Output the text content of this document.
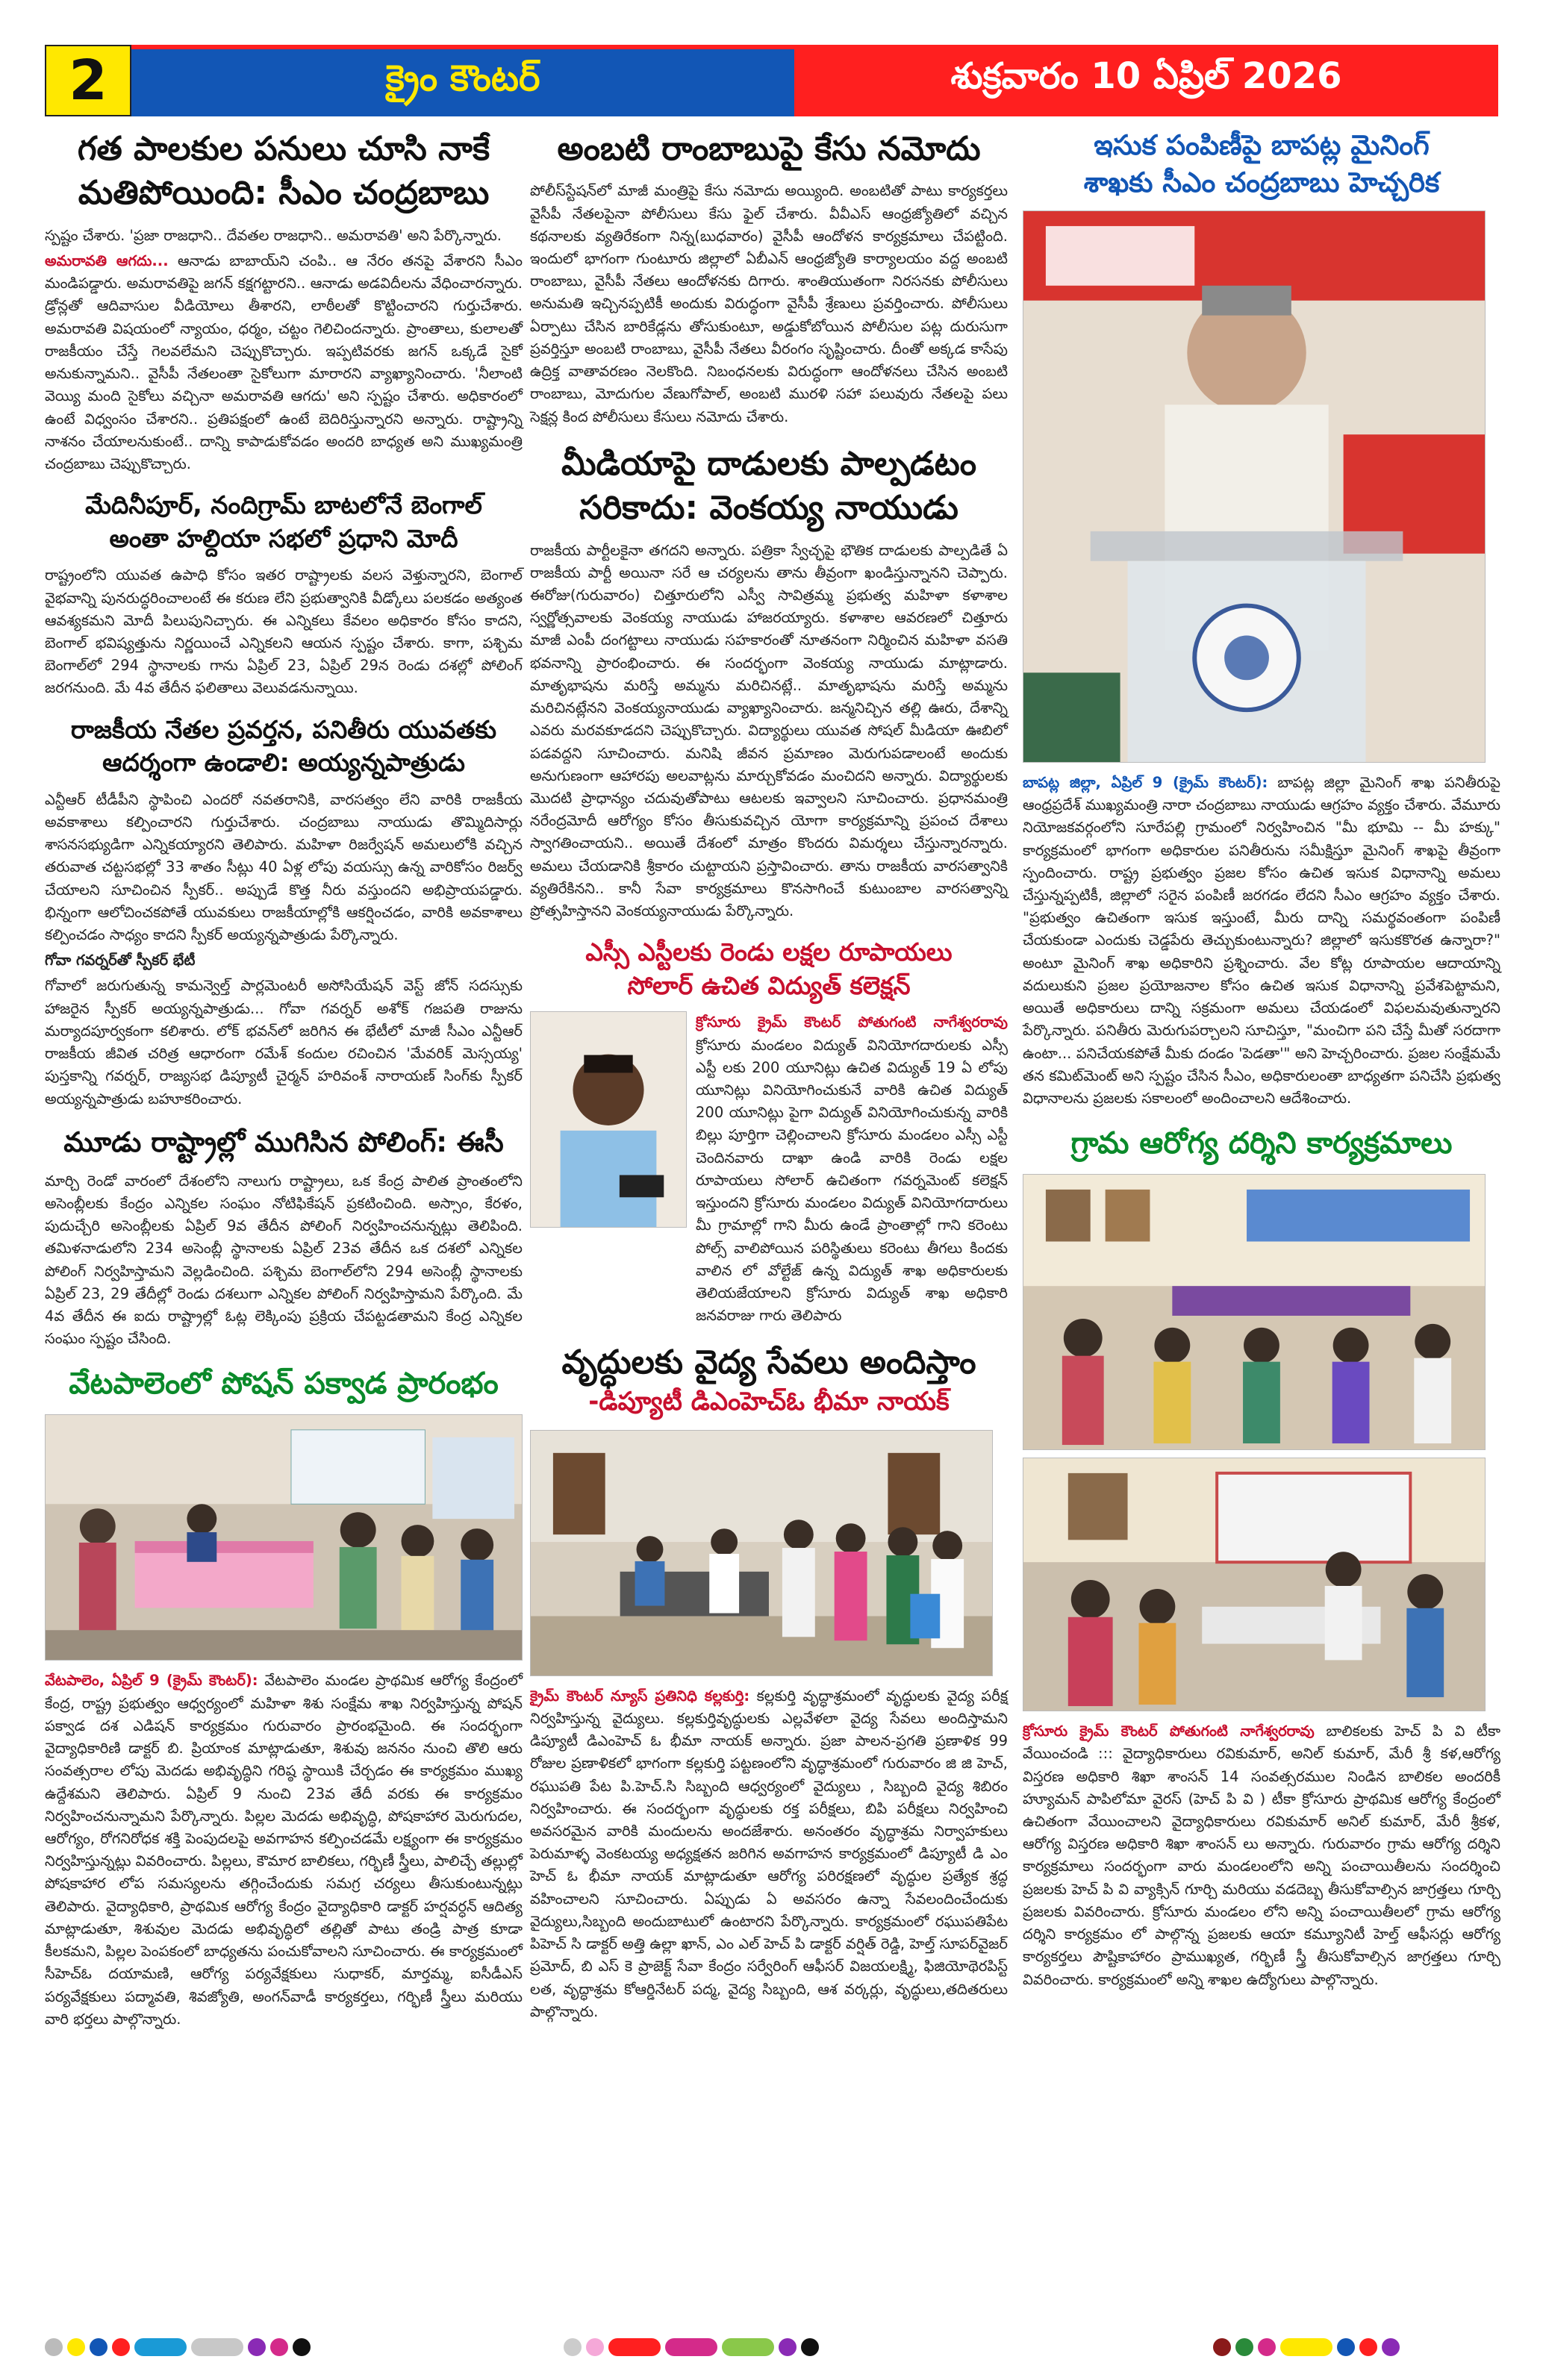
2	క్రైం కౌంటర్	శుక్రవారం 10 ఏప్రిల్ 2026
గత పాలకుల పనులు చూసి నాకే
మతిపోయింది: సీఎం చంద్రబాబు

స్పష్టం చేశారు. 'ప్రజా రాజధాని.. దేవతల రాజధాని.. అమరావతి' అని పేర్కొన్నారు.

అమరావతి ఆగదు... ఆనాడు బాబాయ్‌ని చంపి.. ఆ నేరం తనపై వేశారని సీఎం మండిపడ్డారు. అమరావతిపై జగన్ కక్షగట్టారని.. ఆనాడు అడవిదీలను వేధించారన్నారు. డ్రోన్లతో ఆదివాసుల వీడియోలు తీశారని, లాఠీలతో కొట్టించారని గుర్తుచేశారు. అమరావతి విషయంలో న్యాయం, ధర్మం, చట్టం గెలిచిందన్నారు. ప్రాంతాలు, కులాలతో రాజకీయం చేస్తే గెలవలేమని చెప్పుకొచ్చారు. ఇప్పటివరకు జగన్ ఒక్కడే సైకో అనుకున్నామని.. వైసీపీ నేతలంతా సైకోలుగా మారారని వ్యాఖ్యానించారు. 'నీలాంటి వెయ్యి మంది సైకోలు వచ్చినా అమరావతి ఆగదు' అని స్పష్టం చేశారు. అధికారంలో ఉంటే విధ్వంసం చేశారని.. ప్రతిపక్షంలో ఉంటే బెదిరిస్తున్నారని అన్నారు. రాష్ట్రాన్ని నాశనం చేయాలనుకుంటే.. దాన్ని కాపాడుకోవడం అందరి బాధ్యత అని ముఖ్యమంత్రి చంద్రబాబు చెప్పుకొచ్చారు.

మేదినీపూర్, నందిగ్రామ్ బాటలోనే బెంగాల్
అంతా హల్దియా సభలో ప్రధాని మోదీ
రాష్ట్రంలోని యువత ఉపాధి కోసం ఇతర రాష్ట్రాలకు వలస వెళ్తున్నారని, బెంగాల్ వైభవాన్ని పునరుద్ధరించాలంటే ఈ కరుణ లేని ప్రభుత్వానికి వీడ్కోలు పలకడం అత్యంత ఆవశ్యకమని మోదీ పిలుపునిచ్చారు. ఈ ఎన్నికలు కేవలం అధికారం కోసం కాదని, బెంగాల్ భవిష్యత్తును నిర్ణయించే ఎన్నికలని ఆయన స్పష్టం చేశారు. కాగా, పశ్చిమ బెంగాల్‌లో 294 స్థానాలకు గాను ఏప్రిల్ 23, ఏప్రిల్ 29న రెండు దశల్లో పోలింగ్ జరగనుంది. మే 4వ తేదీన ఫలితాలు వెలువడనున్నాయి.
రాజకీయ నేతల ప్రవర్తన, పనితీరు యువతకు
ఆదర్శంగా ఉండాలి: అయ్యన్నపాత్రుడు

ఎన్టీఆర్ టీడీపీని స్థాపించి ఎందరో నవతరానికి, వారసత్వం లేని వారికి రాజకీయ అవకాశాలు కల్పించారని గుర్తుచేశారు. చంద్రబాబు నాయుడు తొమ్మిదిసార్లు శాసనసభ్యుడిగా ఎన్నికయ్యారని తెలిపారు. మహిళా రిజర్వేషన్ అమలులోకి వచ్చిన తరువాత చట్టసభల్లో 33 శాతం సీట్లు 40 ఏళ్ల లోపు వయస్సు ఉన్న వారికోసం రిజర్వ్ చేయాలని సూచించిన స్పీకర్.. అప్పుడే కొత్త నీరు వస్తుందని అభిప్రాయపడ్డారు. భిన్నంగా ఆలోచించకపోతే యువకులు రాజకీయాల్లోకి ఆకర్షించడం, వారికి అవకాశాలు కల్పించడం సాధ్యం కాదని స్పీకర్ అయ్యన్నపాత్రుడు పేర్కొన్నారు.

గోవా గవర్నర్‌తో స్పీకర్ భేటీ

గోవాలో జరుగుతున్న కామన్వెల్త్ పార్లమెంటరీ అసోసియేషన్ వెస్ట్ జోన్ సదస్సుకు హాజరైన స్పీకర్ అయ్యన్నపాత్రుడు... గోవా గవర్నర్ అశోక్ గజపతి రాజును మర్యాదపూర్వకంగా కలిశారు. లోక్ భవన్‌లో జరిగిన ఈ భేటీలో మాజీ సీఎం ఎన్టీఆర్ రాజకీయ జీవిత చరిత్ర ఆధారంగా రమేశ్ కందుల రచించిన 'మేవరిక్ మెస్సయ్య' పుస్తకాన్ని గవర్నర్, రాజ్యసభ డిప్యూటీ చైర్మన్ హరివంశ్ నారాయణ్ సింగ్‌కు స్పీకర్ అయ్యన్నపాత్రుడు బహూకరించారు.

మూడు రాష్ట్రాల్లో ముగిసిన పోలింగ్: ఈసీ
మార్చి రెండో వారంలో దేశంలోని నాలుగు రాష్ట్రాలు, ఒక కేంద్ర పాలిత ప్రాంతంలోని అసెంబ్లీలకు కేంద్రం ఎన్నికల సంఘం నోటిఫికేషన్ ప్రకటించింది. అస్సాం, కేరళం, పుదుచ్చేరి అసెంబ్లీలకు ఏప్రిల్ 9వ తేదీన పోలింగ్ నిర్వహించనున్నట్లు తెలిపింది. తమిళనాడులోని 234 అసెంబ్లీ స్థానాలకు ఏప్రిల్ 23వ తేదీన ఒక దశలో ఎన్నికల పోలింగ్ నిర్వహిస్తామని వెల్లడించింది. పశ్చిమ బెంగాల్‌లోని 294 అసెంబ్లీ స్థానాలకు ఏప్రిల్ 23, 29 తేదీల్లో రెండు దశలుగా ఎన్నికల పోలింగ్ నిర్వహిస్తామని పేర్కొంది. మే 4వ తేదీన ఈ ఐదు రాష్ట్రాల్లో ఓట్ల లెక్కింపు ప్రక్రియ చేపట్టడతామని కేంద్ర ఎన్నికల సంఘం స్పష్టం చేసింది.
వేటపాలెంలో పోషన్ పక్వాడ ప్రారంభం
వేటపాలెం, ఏప్రిల్ 9 (క్రైమ్ కౌంటర్): వేటపాలెం మండల ప్రాథమిక ఆరోగ్య కేంద్రంలో కేంద్ర, రాష్ట్ర ప్రభుత్వం ఆధ్వర్యంలో మహిళా శిశు సంక్షేమ శాఖ నిర్వహిస్తున్న పోషన్ పక్వాడ దశ ఎడిషన్ కార్యక్రమం గురువారం ప్రారంభమైంది. ఈ సందర్భంగా వైద్యాధికారిణి డాక్టర్ బి. ప్రియాంక మాట్లాడుతూ, శిశువు జననం నుంచి తొలి ఆరు సంవత్సరాల లోపు మెదడు అభివృద్ధిని గరిష్ఠ స్థాయికి చేర్చడం ఈ కార్యక్రమం ముఖ్య ఉద్దేశమని తెలిపారు. ఏప్రిల్ 9 నుంచి 23వ తేదీ వరకు ఈ కార్యక్రమం నిర్వహించనున్నామని పేర్కొన్నారు. పిల్లల మెదడు అభివృద్ధి, పోషకాహార మెరుగుదల, ఆరోగ్యం, రోగనిరోధక శక్తి పెంపుదలపై అవగాహన కల్పించడమే లక్ష్యంగా ఈ కార్యక్రమం నిర్వహిస్తున్నట్లు వివరించారు. పిల్లలు, కౌమార బాలికలు, గర్భిణీ స్త్రీలు, పాలిచ్చే తల్లుల్లో పోషకాహార లోప సమస్యలను తగ్గించేందుకు సమగ్ర చర్యలు తీసుకుంటున్నట్లు తెలిపారు. వైద్యాధికారి, ప్రాథమిక ఆరోగ్య కేంద్రం వైద్యాధికారి డాక్టర్ హర్షవర్ధన్ ఆదిత్య మాట్లాడుతూ, శిశువుల మెదడు అభివృద్ధిలో తల్లితో పాటు తండ్రి పాత్ర కూడా కీలకమని, పిల్లల పెంపకంలో బాధ్యతను పంచుకోవాలని సూచించారు. ఈ కార్యక్రమంలో సీహెచ్ఓ దయామణి, ఆరోగ్య పర్యవేక్షకులు సుధాకర్, మార్తమ్మ, ఐసీడీఎస్ పర్యవేక్షకులు పద్మావతి, శివజ్యోతి, అంగన్‌వాడీ కార్యకర్తలు, గర్భిణీ స్త్రీలు మరియు వారి భర్తలు పాల్గొన్నారు.
అంబటి రాంబాబుపై కేసు నమోదు
పోలీస్‌స్టేషన్‌లో మాజీ మంత్రిపై కేసు నమోదు అయ్యింది. అంబటితో పాటు కార్యకర్తలు వైసీపీ నేతలపైనా పోలీసులు కేసు ఫైల్ చేశారు. వీవీఎస్ ఆంధ్రజ్యోతిలో వచ్చిన కథనాలకు వ్యతిరేకంగా నిన్న(బుధవారం) వైసీపీ ఆందోళన కార్యక్రమాలు చేపట్టింది. ఇందులో భాగంగా గుంటూరు జిల్లాలో ఏబీఎన్ ఆంధ్రజ్యోతి కార్యాలయం వద్ద అంబటి రాంబాబు, వైసీపీ నేతలు ఆందోళనకు దిగారు. శాంతియుతంగా నిరసనకు పోలీసులు అనుమతి ఇచ్చినప్పటికీ అందుకు విరుద్ధంగా వైసీపీ శ్రేణులు ప్రవర్తించారు. పోలీసులు ఏర్పాటు చేసిన బారికేడ్లను తోసుకుంటూ, అడ్డుకోబోయిన పోలీసుల పట్ల దురుసుగా ప్రవర్తిస్తూ అంబటి రాంబాబు, వైసీపీ నేతలు వీరంగం సృష్టించారు. దీంతో అక్కడ కాసేపు ఉద్రిక్త వాతావరణం నెలకొంది. నిబంధనలకు విరుద్ధంగా ఆందోళనలు చేసిన అంబటి రాంబాబు, మోదుగుల వేణుగోపాల్, అంబటి మురళి సహా పలువురు నేతలపై పలు సెక్షన్ల కింద పోలీసులు కేసులు నమోదు చేశారు.
మీడియాపై దాడులకు పాల్పడటం
సరికాదు: వెంకయ్య నాయుడు
రాజకీయ పార్టీలకైనా తగదని అన్నారు. పత్రికా స్వేచ్ఛపై భౌతిక దాడులకు పాల్పడితే ఏ రాజకీయ పార్టీ అయినా సరే ఆ చర్యలను తాను తీవ్రంగా ఖండిస్తున్నానని చెప్పారు. ఈరోజు(గురువారం) చిత్తూరులోని ఎస్వీ సావిత్రమ్మ ప్రభుత్వ మహిళా కళాశాల స్వర్ణోత్సవాలకు వెంకయ్య నాయుడు హాజరయ్యారు. కళాశాల ఆవరణలో చిత్తూరు మాజీ ఎంపీ దంగట్టాలు నాయుడు సహకారంతో నూతనంగా నిర్మించిన మహిళా వసతి భవనాన్ని ప్రారంభించారు. ఈ సందర్భంగా వెంకయ్య నాయుడు మాట్లాడారు. మాతృభాషను మరిస్తే అమ్మను మరిచినట్లే.. మాతృభాషను మరిస్తే అమ్మను మరిచినట్లేనని వెంకయ్యనాయుడు వ్యాఖ్యానించారు. జన్మనిచ్చిన తల్లి ఊరు, దేశాన్ని ఎవరు మరవకూడదని చెప్పుకొచ్చారు. విద్యార్థులు యువత సోషల్ మీడియా ఊబిలో పడవద్దని సూచించారు. మనిషి జీవన ప్రమాణం మెరుగుపడాలంటే అందుకు అనుగుణంగా ఆహారపు అలవాట్లను మార్చుకోవడం మంచిదని అన్నారు. విద్యార్థులకు మొదటి ప్రాధాన్యం చదువుతోపాటు ఆటలకు ఇవ్వాలని సూచించారు. ప్రధానమంత్రి నరేంద్రమోదీ ఆరోగ్యం కోసం తీసుకువచ్చిన యోగా కార్యక్రమాన్ని ప్రపంచ దేశాలు స్వాగతించాయని.. అయితే దేశంలో మాత్రం కొందరు విమర్శలు చేస్తున్నారన్నారు. అమలు చేయడానికి శ్రీకారం చుట్టాయని ప్రస్తావించారు. తాను రాజకీయ వారసత్వానికి వ్యతిరేకినని.. కానీ సేవా కార్యక్రమాలు కొనసాగించే కుటుంబాల వారసత్వాన్ని ప్రోత్సహిస్తానని వెంకయ్యనాయుడు పేర్కొన్నారు.
ఎస్సీ ఎస్టీలకు రెండు లక్షల రూపాయలు
సోలార్ ఉచిత విద్యుత్ కలెక్షన్
క్రోసూరు క్రైమ్ కౌంటర్ పోతుగంటి నాగేశ్వరరావు క్రోసూరు మండలం విద్యుత్ వినియోగదారులకు ఎస్సీ ఎస్టీ లకు 200 యూనిట్లు ఉచిత విద్యుత్ 19 ఏ లోపు యూనిట్లు వినియోగించుకునే వారికి ఉచిత విద్యుత్ 200 యూనిట్లు పైగా విద్యుత్ వినియోగించుకున్న వారికి బిల్లు పూర్తిగా చెల్లించాలని క్రోసూరు మండలం ఎస్సీ ఎస్టీ చెందినవారు దాఖా ఉండి వారికి రెండు లక్షల రూపాయలు సోలార్ ఉచితంగా గవర్నమెంట్ కలెక్షన్ ఇస్తుందని క్రోసూరు మండలం విద్యుత్ వినియోగదారులు మీ గ్రామాల్లో గాని మీరు ఉండే ప్రాంతాల్లో గాని కరెంటు పోల్స్ వాలిపోయిన పరిస్థితులు కరెంటు తీగలు కిందకు వాలిన లో వోల్టేజ్ ఉన్న విద్యుత్ శాఖ అధికారులకు తెలియజేయాలని క్రోసూరు విద్యుత్ శాఖ అధికారి జనవరాజు గారు తెలిపారు
వృద్ధులకు వైద్య సేవలు అందిస్తాం
-డిప్యూటీ డిఎంహెచ్ఓ భీమా నాయక్
క్రైమ్ కౌంటర్ న్యూస్ ప్రతినిధి కల్లకుర్తి: కల్లకుర్తి వృద్ధాశ్రమంలో వృద్ధులకు వైద్య పరీక్ష నిర్వహిస్తున్న వైద్యులు. కల్లకుర్తివృద్ధులకు ఎల్లవేళలా వైద్య సేవలు అందిస్తామని డిప్యూటీ డిఎంహెచ్ ఓ భీమా నాయక్ అన్నారు. ప్రజా పాలన-ప్రగతి ప్రణాళిక 99 రోజుల ప్రణాళికలో భాగంగా కల్లకుర్తి పట్టణంలోని వృద్ధాశ్రమంలో గురువారం జి జి హెచ్, రఘుపతి పేట పి.హెచ్.సి సిబ్బంది ఆధ్వర్యంలో వైద్యులు , సిబ్బంది వైద్య శిబిరం నిర్వహించారు. ఈ సందర్భంగా వృద్ధులకు రక్త పరీక్షలు, బిపి పరీక్షలు నిర్వహించి అవసరమైన వారికి మందులను అందజేశారు. అనంతరం వృద్ధాశ్రమ నిర్వాహకులు పెరుమాళ్ళ వెంకటయ్య అధ్యక్షతన జరిగిన అవగాహన కార్యక్రమంలో డిప్యూటీ డి ఎం హెచ్ ఓ భీమా నాయక్ మాట్లాడుతూ ఆరోగ్య పరిరక్షణలో వృద్ధుల ప్రత్యేక శ్రద్ధ వహించాలని సూచించారు. ఏప్పుడు ఏ అవసరం ఉన్నా సేవలందించేందుకు వైద్యులు,సిబ్బంది అందుబాటులో ఉంటారని పేర్కొన్నారు. కార్యక్రమంలో రఘుపతిపేట పిహెచ్ సి డాక్టర్ అత్తి ఉల్లా ఖాన్, ఎం ఎల్ హెచ్ పి డాక్టర్ వర్షిత్ రెడ్డి, హెల్త్ సూపర్‌వైజర్ ప్రమోద్, బి ఎస్ కె ప్రాజెక్ట్ సేవా కేంద్రం సర్వేరింగ్ ఆఫీసర్ విజయలక్ష్మి, ఫిజియోథెరపిస్ట్ లత, వృద్ధాశ్రమ కోఆర్డినేటర్ పద్మ, వైద్య సిబ్బంది, ఆశ వర్కర్లు, వృద్ధులు,తదితరులు పాల్గొన్నారు.
ఇసుక పంపిణీపై బాపట్ల మైనింగ్
శాఖకు సీఎం చంద్రబాబు హెచ్చరిక
బాపట్ల జిల్లా, ఏప్రిల్ 9 (క్రైమ్ కౌంటర్): బాపట్ల జిల్లా మైనింగ్ శాఖ పనితీరుపై ఆంధ్రప్రదేశ్ ముఖ్యమంత్రి నారా చంద్రబాబు నాయుడు ఆగ్రహం వ్యక్తం చేశారు. వేమూరు నియోజకవర్గంలోని సూరేపల్లి గ్రామంలో నిర్వహించిన "మీ భూమి -- మీ హక్కు" కార్యక్రమంలో భాగంగా అధికారుల పనితీరును సమీక్షిస్తూ మైనింగ్ శాఖపై తీవ్రంగా స్పందించారు. రాష్ట్ర ప్రభుత్వం ప్రజల కోసం ఉచిత ఇసుక విధానాన్ని అమలు చేస్తున్నప్పటికీ, జిల్లాలో సరైన పంపిణీ జరగడం లేదని సీఎం ఆగ్రహం వ్యక్తం చేశారు. "ప్రభుత్వం ఉచితంగా ఇసుక ఇస్తుంటే, మీరు దాన్ని సమర్థవంతంగా పంపిణీ చేయకుండా ఎందుకు చెడ్డపేరు తెచ్చుకుంటున్నారు? జిల్లాలో ఇసుకకొరత ఉన్నారా?" అంటూ మైనింగ్ శాఖ అధికారిని ప్రశ్నించారు. వేల కోట్ల రూపాయల ఆదాయాన్ని వదులుకుని ప్రజల ప్రయోజనాల కోసం ఉచిత ఇసుక విధానాన్ని ప్రవేశపెట్టామని, అయితే అధికారులు దాన్ని సక్రమంగా అమలు చేయడంలో విఫలమవుతున్నారని పేర్కొన్నారు. పనితీరు మెరుగుపర్చాలని సూచిస్తూ, "మంచిగా పని చేస్తే మీతో సరదాగా ఉంటా... పనిచేయకపోతే మీకు దండం 'పెడతా'" అని హెచ్చరించారు. ప్రజల సంక్షేమమే తన కమిట్‌మెంట్ అని స్పష్టం చేసిన సీఎం, అధికారులంతా బాధ్యతగా పనిచేసి ప్రభుత్వ విధానాలను ప్రజలకు సకాలంలో అందించాలని ఆదేశించారు.
గ్రామ ఆరోగ్య దర్శిని కార్యక్రమాలు
క్రోసూరు క్రైమ్ కౌంటర్ పోతుగంటి నాగేశ్వరరావు బాలికలకు హెచ్ పి వి టీకా వేయించండి ::: వైద్యాధికారులు రవికుమార్, అనిల్ కుమార్, మేరీ శ్రీ కళ,ఆరోగ్య విస్తరణ అధికారి శిఖా శాంసన్ 14 సంవత్సరముల నిండిన బాలికల అందరికీ హ్యూమన్ పాపిలోమా వైరస్ (హెచ్ పి వి ) టీకా క్రోసూరు ప్రాథమిక ఆరోగ్య కేంద్రంలో ఉచితంగా వేయించాలని వైద్యాధికారులు రవికుమార్ అనిల్ కుమార్, మేరీ శ్రీకళ, ఆరోగ్య విస్తరణ అధికారి శిఖా శాంసన్ లు అన్నారు. గురువారం గ్రామ ఆరోగ్య దర్శిని కార్యక్రమాలు సందర్భంగా వారు మండలంలోని అన్ని పంచాయితీలను సందర్శించి ప్రజలకు హెచ్ పి వి వ్యాక్సిన్ గూర్చి మరియు వడదెబ్బ తీసుకోవాల్సిన జాగ్రత్తలు గూర్చి ప్రజలకు వివరించారు. క్రోసూరు మండలం లోని అన్ని పంచాయితీలలో గ్రామ ఆరోగ్య దర్శిని కార్యక్రమం లో పాల్గొన్న ప్రజలకు ఆయా కమ్యూనిటీ హెల్త్ ఆఫీసర్లు ఆరోగ్య కార్యకర్తలు పౌష్టికాహారం ప్రాముఖ్యత, గర్భిణీ స్త్రీ తీసుకోవాల్సిన జాగ్రత్తలు గూర్చి వివరించారు. కార్యక్రమంలో అన్ని శాఖల ఉద్యోగులు పాల్గొన్నారు.
